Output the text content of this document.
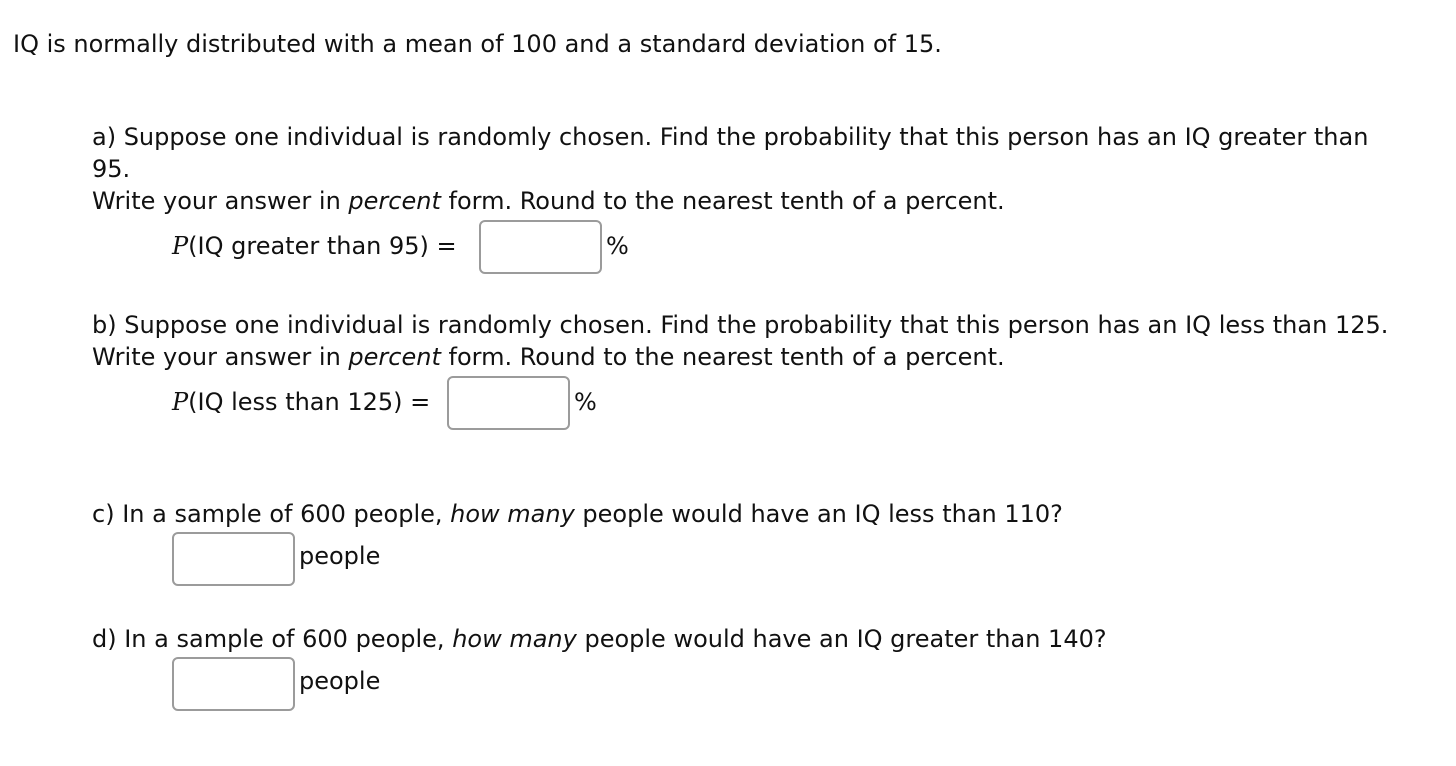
IQ is normally distributed with a mean of 100 and a standard deviation of 15.

a) Suppose one individual is randomly chosen. Find the probability that this person has an IQ greater than 95.

Write your answer in percent form. Round to the nearest tenth of a percent.

P(IQ greater than 95) =	%

b) Suppose one individual is randomly chosen. Find the probability that this person has an IQ less than 125.

Write your answer in percent form. Round to the nearest tenth of a percent.

P(IQ less than 125) =	%

c) In a sample of 600 people, how many people would have an IQ less than 110?

people

d) In a sample of 600 people, how many people would have an IQ greater than 140?

people
